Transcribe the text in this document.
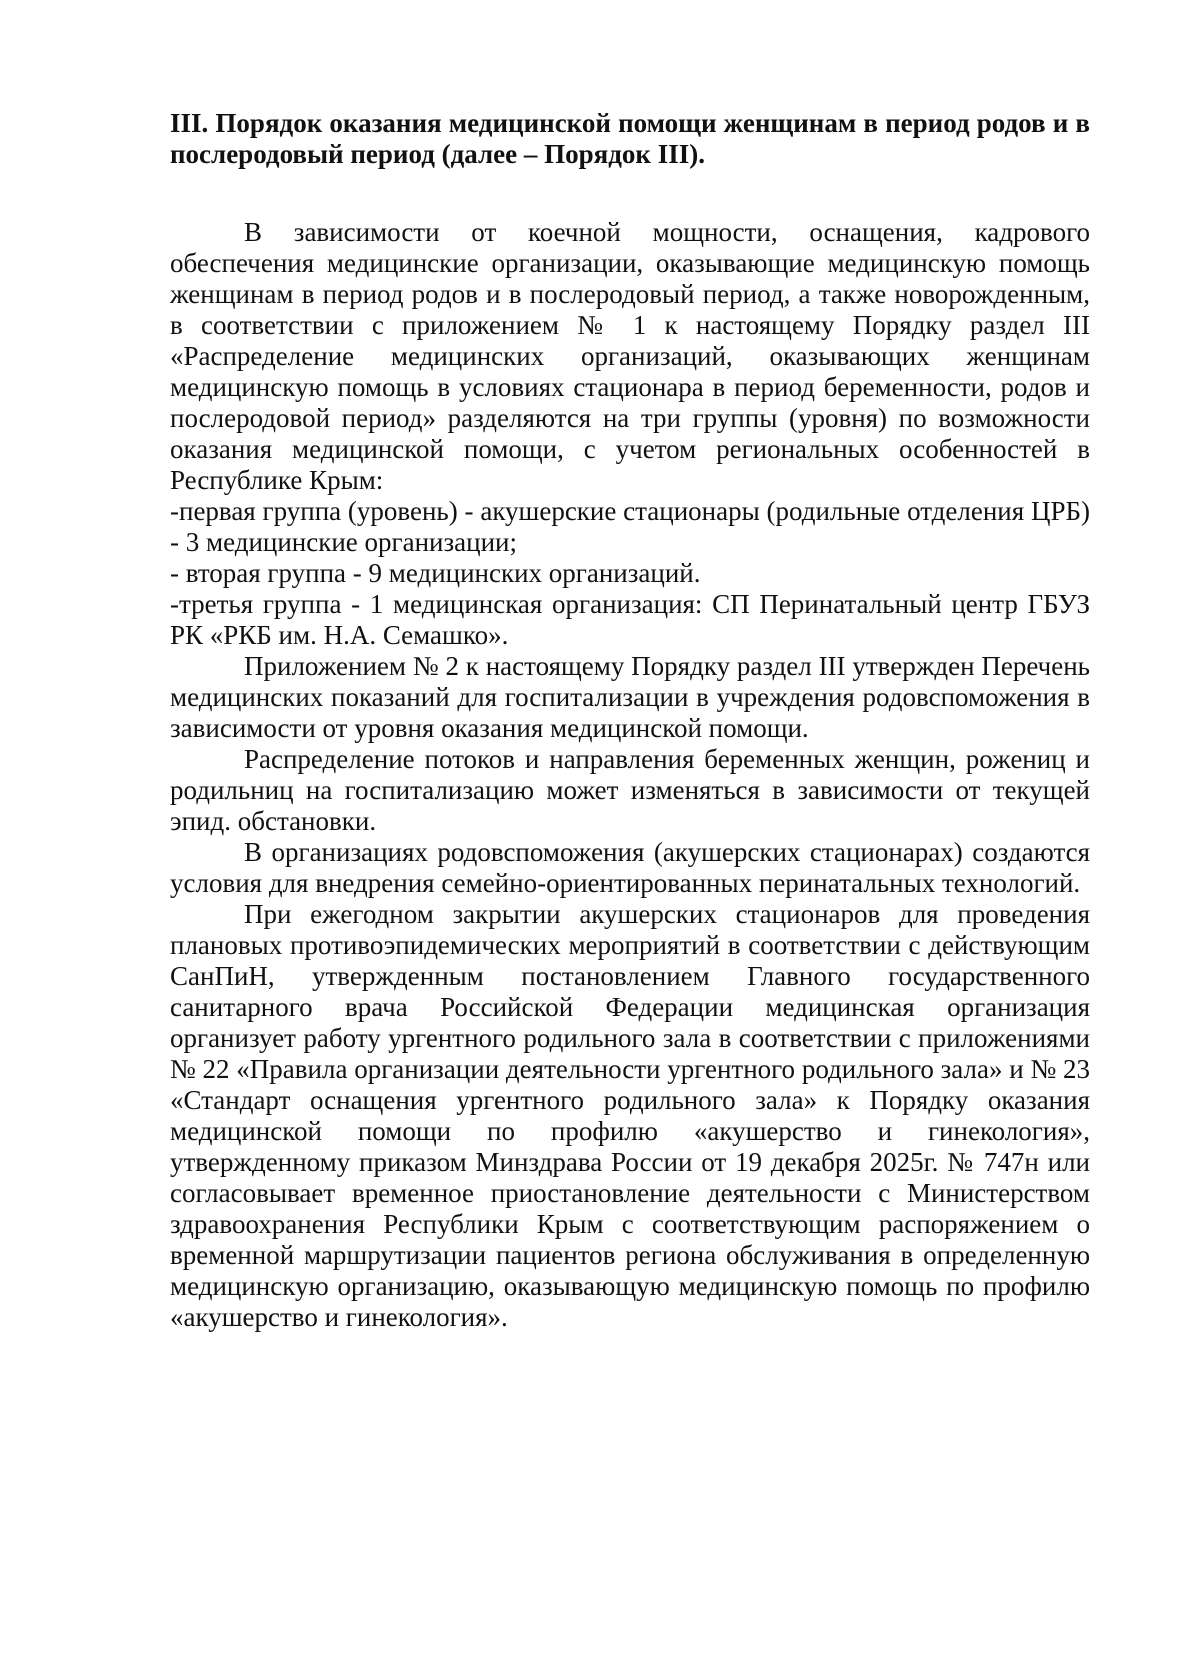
III. Порядок оказания медицинской помощи женщинам в период родов и в послеродовый период (далее – Порядок III).

В зависимости от коечной мощности, оснащения, кадрового обеспечения медицинские организации, оказывающие медицинскую помощь женщинам в период родов и в послеродовый период, а также новорожденным, в соответствии с приложением № 1 к настоящему Порядку раздел III «Распределение медицинских организаций, оказывающих женщинам медицинскую помощь в условиях стационара в период беременности, родов и послеродовой период» разделяются на три группы (уровня) по возможности оказания медицинской помощи, с учетом региональных особенностей в Республике Крым:

-первая группа (уровень) - акушерские стационары (родильные отделения ЦРБ) - 3 медицинские организации;

- вторая группа - 9 медицинских организаций.

-третья группа - 1 медицинская организация: СП Перинатальный центр ГБУЗ РК «РКБ им. Н.А. Семашко».

Приложением № 2 к настоящему Порядку раздел III утвержден Перечень медицинских показаний для госпитализации в учреждения родовспоможения в зависимости от уровня оказания медицинской помощи.

Распределение потоков и направления беременных женщин, рожениц и родильниц на госпитализацию может изменяться в зависимости от текущей эпид. обстановки.

В организациях родовспоможения (акушерских стационарах) создаются условия для внедрения семейно-ориентированных перинатальных технологий.

При ежегодном закрытии акушерских стационаров для проведения плановых противоэпидемических мероприятий в соответствии с действующим СанПиН, утвержденным постановлением Главного государственного санитарного врача Российской Федерации медицинская организация организует работу ургентного родильного зала в соответствии с приложениями № 22 «Правила организации деятельности ургентного родильного зала» и № 23 «Стандарт оснащения ургентного родильного зала» к Порядку оказания медицинской помощи по профилю «акушерство и гинекология», утвержденному приказом Минздрава России от 19 декабря 2025г. № 747н или согласовывает временное приостановление деятельности с Министерством здравоохранения Республики Крым с соответствующим распоряжением о временной маршрутизации пациентов региона обслуживания в определенную медицинскую организацию, оказывающую медицинскую помощь по профилю «акушерство и гинекология».
